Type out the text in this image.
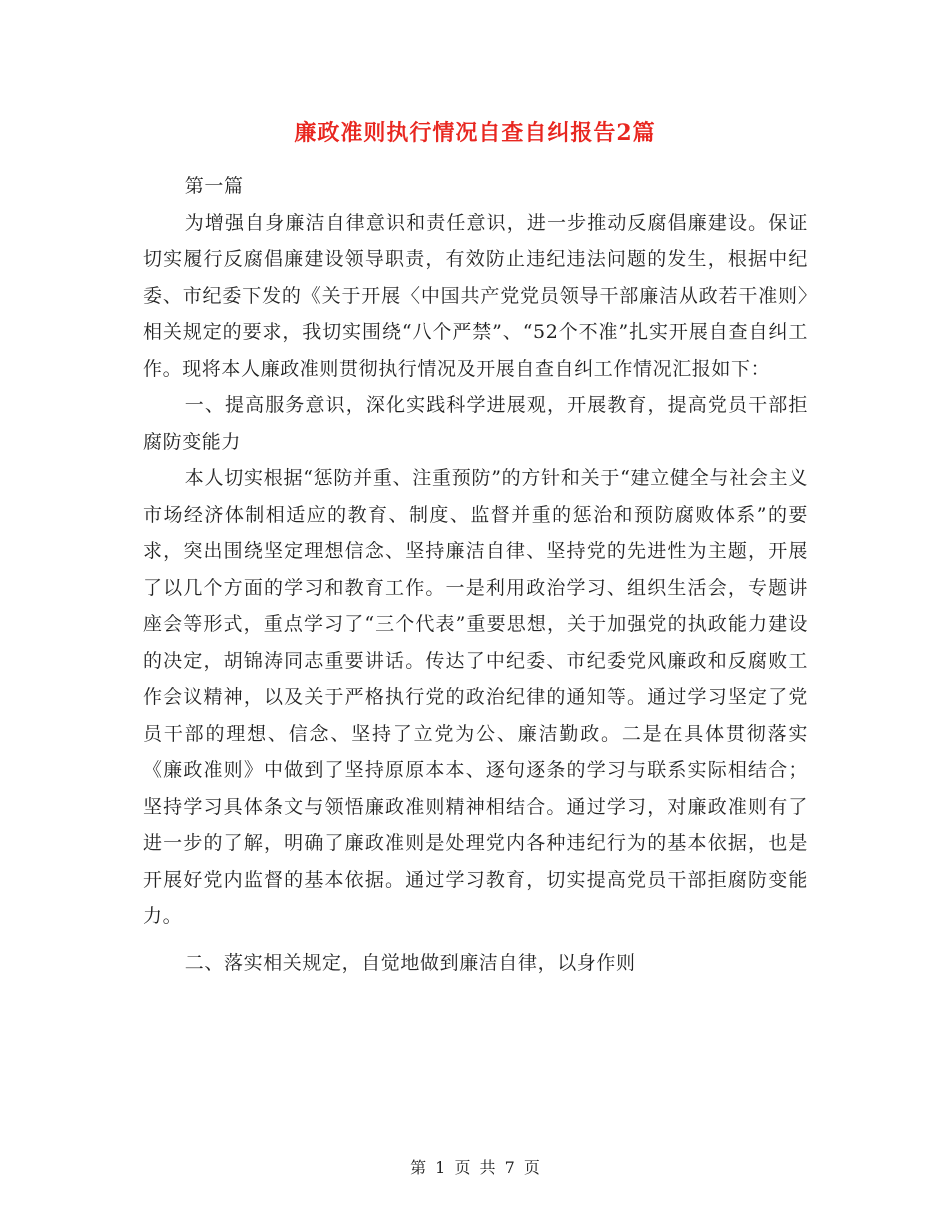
廉政准则执行情况自查自纠报告2篇

第一篇

为增强自身廉洁自律意识和责任意识，进一步推动反腐倡廉建设。保证切实履行反腐倡廉建设领导职责，有效防止违纪违法问题的发生，根据中纪委、市纪委下发的《关于开展〈中国共产党党员领导干部廉洁从政若干准则〉相关规定的要求，我切实围绕“八个严禁”、“52个不准”扎实开展自查自纠工作。现将本人廉政准则贯彻执行情况及开展自查自纠工作情况汇报如下：

一、提高服务意识，深化实践科学进展观，开展教育，提高党员干部拒腐防变能力

本人切实根据“惩防并重、注重预防”的方针和关于“建立健全与社会主义市场经济体制相适应的教育、制度、监督并重的惩治和预防腐败体系”的要求，突出围绕坚定理想信念、坚持廉洁自律、坚持党的先进性为主题，开展了以几个方面的学习和教育工作。一是利用政治学习、组织生活会，专题讲座会等形式，重点学习了“三个代表”重要思想，关于加强党的执政能力建设的决定，胡锦涛同志重要讲话。传达了中纪委、市纪委党风廉政和反腐败工作会议精神，以及关于严格执行党的政治纪律的通知等。通过学习坚定了党员干部的理想、信念、坚持了立党为公、廉洁勤政。二是在具体贯彻落实《廉政准则》中做到了坚持原原本本、逐句逐条的学习与联系实际相结合；坚持学习具体条文与领悟廉政准则精神相结合。通过学习，对廉政准则有了进一步的了解，明确了廉政准则是处理党内各种违纪行为的基本依据，也是开展好党内监督的基本依据。通过学习教育，切实提高党员干部拒腐防变能力。

二、落实相关规定，自觉地做到廉洁自律，以身作则

第 1 页 共 7 页
